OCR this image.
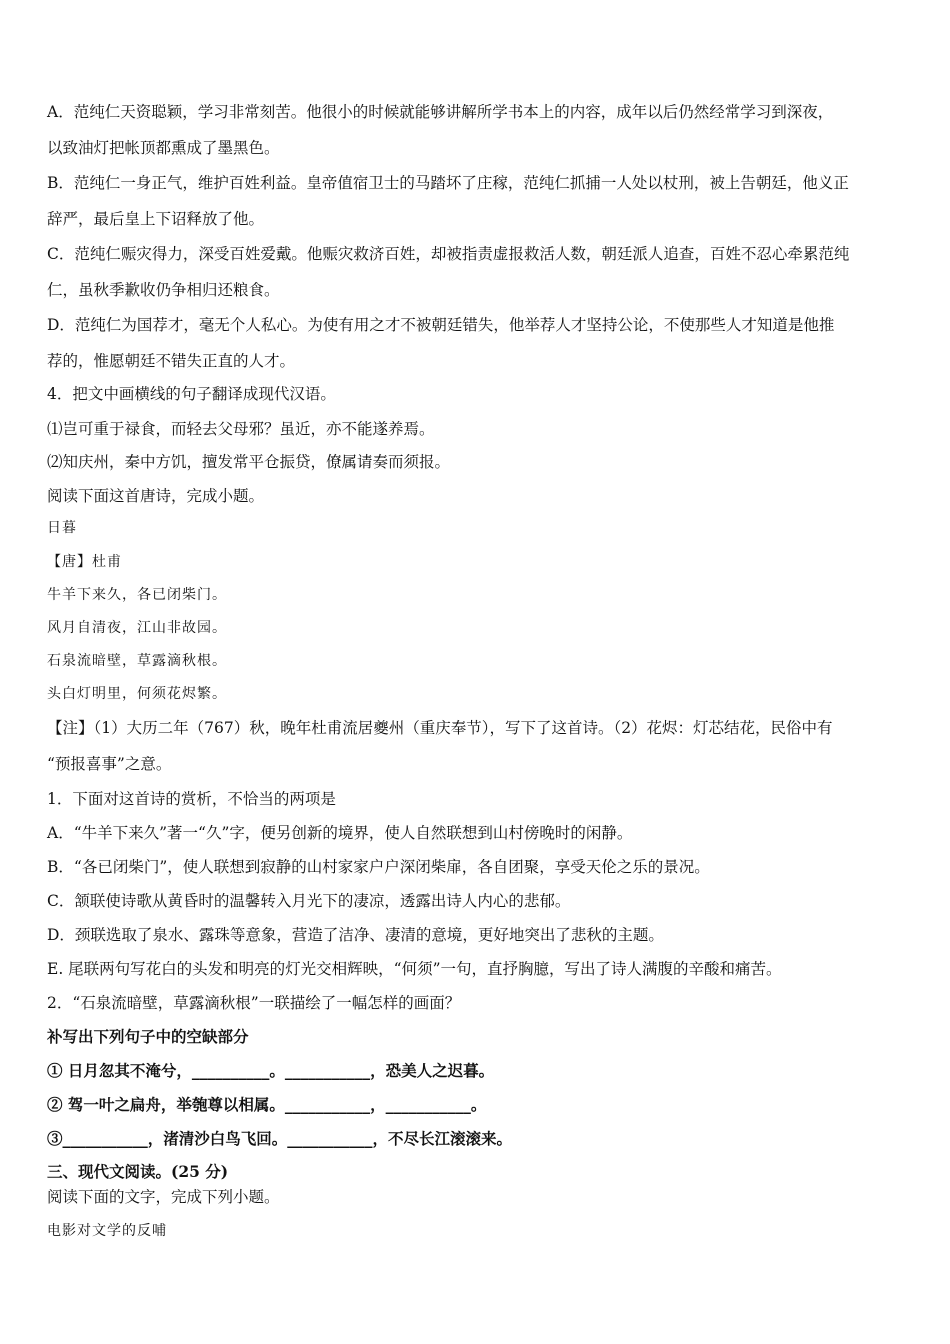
A．范纯仁天资聪颖，学习非常刻苦。他很小的时候就能够讲解所学书本上的内容，成年以后仍然经常学习到深夜，
以致油灯把帐顶都熏成了墨黑色。
B．范纯仁一身正气，维护百姓利益。皇帝值宿卫士的马踏坏了庄稼，范纯仁抓捕一人处以杖刑，被上告朝廷，他义正
辞严，最后皇上下诏释放了他。
C．范纯仁赈灾得力，深受百姓爱戴。他赈灾救济百姓，却被指责虚报救活人数，朝廷派人追查，百姓不忍心牵累范纯
仁，虽秋季歉收仍争相归还粮食。
D．范纯仁为国荐才，毫无个人私心。为使有用之才不被朝廷错失，他举荐人才坚持公论，不使那些人才知道是他推
荐的，惟愿朝廷不错失正直的人才。
4．把文中画横线的句子翻译成现代汉语。
⑴岂可重于禄食，而轻去父母邪？虽近，亦不能遂养焉。
⑵知庆州，秦中方饥，擅发常平仓振贷，僚属请奏而须报。
阅读下面这首唐诗，完成小题。
日暮
【唐】杜甫
牛羊下来久，各已闭柴门。
风月自清夜，江山非故园。
石泉流暗壁，草露滴秋根。
头白灯明里，何须花烬繁。
【注】（1）大历二年（767）秋，晚年杜甫流居夔州（重庆奉节），写下了这首诗。（2）花烬：灯芯结花，民俗中有
“预报喜事”之意。
1．下面对这首诗的赏析，不恰当的两项是
A．“牛羊下来久”著一“久”字，便另创新的境界，使人自然联想到山村傍晚时的闲静。
B．“各已闭柴门”，使人联想到寂静的山村家家户户深闭柴扉，各自团聚，享受天伦之乐的景况。
C．颔联使诗歌从黄昏时的温馨转入月光下的凄凉，透露出诗人内心的悲郁。
D．颈联选取了泉水、露珠等意象，营造了洁净、凄清的意境，更好地突出了悲秋的主题。
E. 尾联两句写花白的头发和明亮的灯光交相辉映，“何须”一句，直抒胸臆，写出了诗人满腹的辛酸和痛苦。
2．“石泉流暗壁，草露滴秋根”一联描绘了一幅怎样的画面？
补写出下列句子中的空缺部分
① 日月忽其不淹兮，__________。___________，恐美人之迟暮。
② 驾一叶之扁舟，举匏尊以相属。___________，___________。
③___________，渚清沙白鸟飞回。___________，不尽长江滚滚来。
三、现代文阅读。(25 分)
阅读下面的文字，完成下列小题。
电影对文学的反哺
